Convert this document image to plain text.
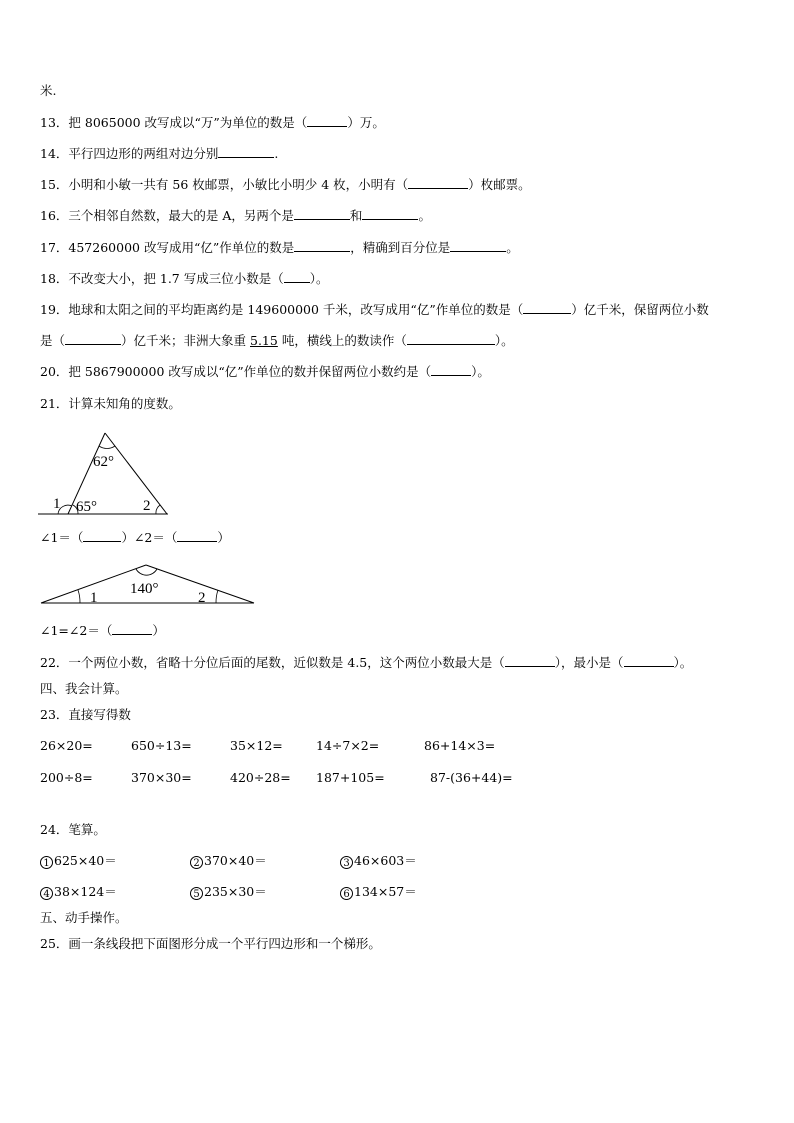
米.
13．把 8065000 改写成以“万”为单位的数是（	）万。
14．平行四边形的两组对边分别	.
15．小明和小敏一共有 56 枚邮票，小敏比小明少 4 枚，小明有（	）枚邮票。
16．三个相邻自然数，最大的是 A，另两个是	和	。
17．457260000 改写成用“亿”作单位的数是	，精确到百分位是	。
18．不改变大小，把 1.7 写成三位小数是（ ）。
19．地球和太阳之间的平均距离约是 149600000 千米，改写成用“亿”作单位的数是（	）亿千米，保留两位小数
是（	）亿千米；非洲大象重 5.15 吨，横线上的数读作（	）。
20．把 5867900000 改写成以“亿”作单位的数并保留两位小数约是（	）。
21．计算未知角的度数。
62°
65°
1	2
∠1＝（	）∠2＝（	）
140°
1	2
∠1=∠2＝（	）
22．一个两位小数，省略十分位后面的尾数，近似数是 4.5，这个两位小数最大是（	），最小是（	）。
四、我会计算。
23．直接写得数
26×20=	650÷13=	35×12=	14÷7×2=	86+14×3=
200÷8=	370×30=	420÷28= 187+105=	87-(36+44)=
24．笔算。
1 625×40＝	2 370×40＝	3 46×603＝
4 38×124＝	5 235×30＝	6 134×57＝
五、动手操作。
25．画一条线段把下面图形分成一个平行四边形和一个梯形。
